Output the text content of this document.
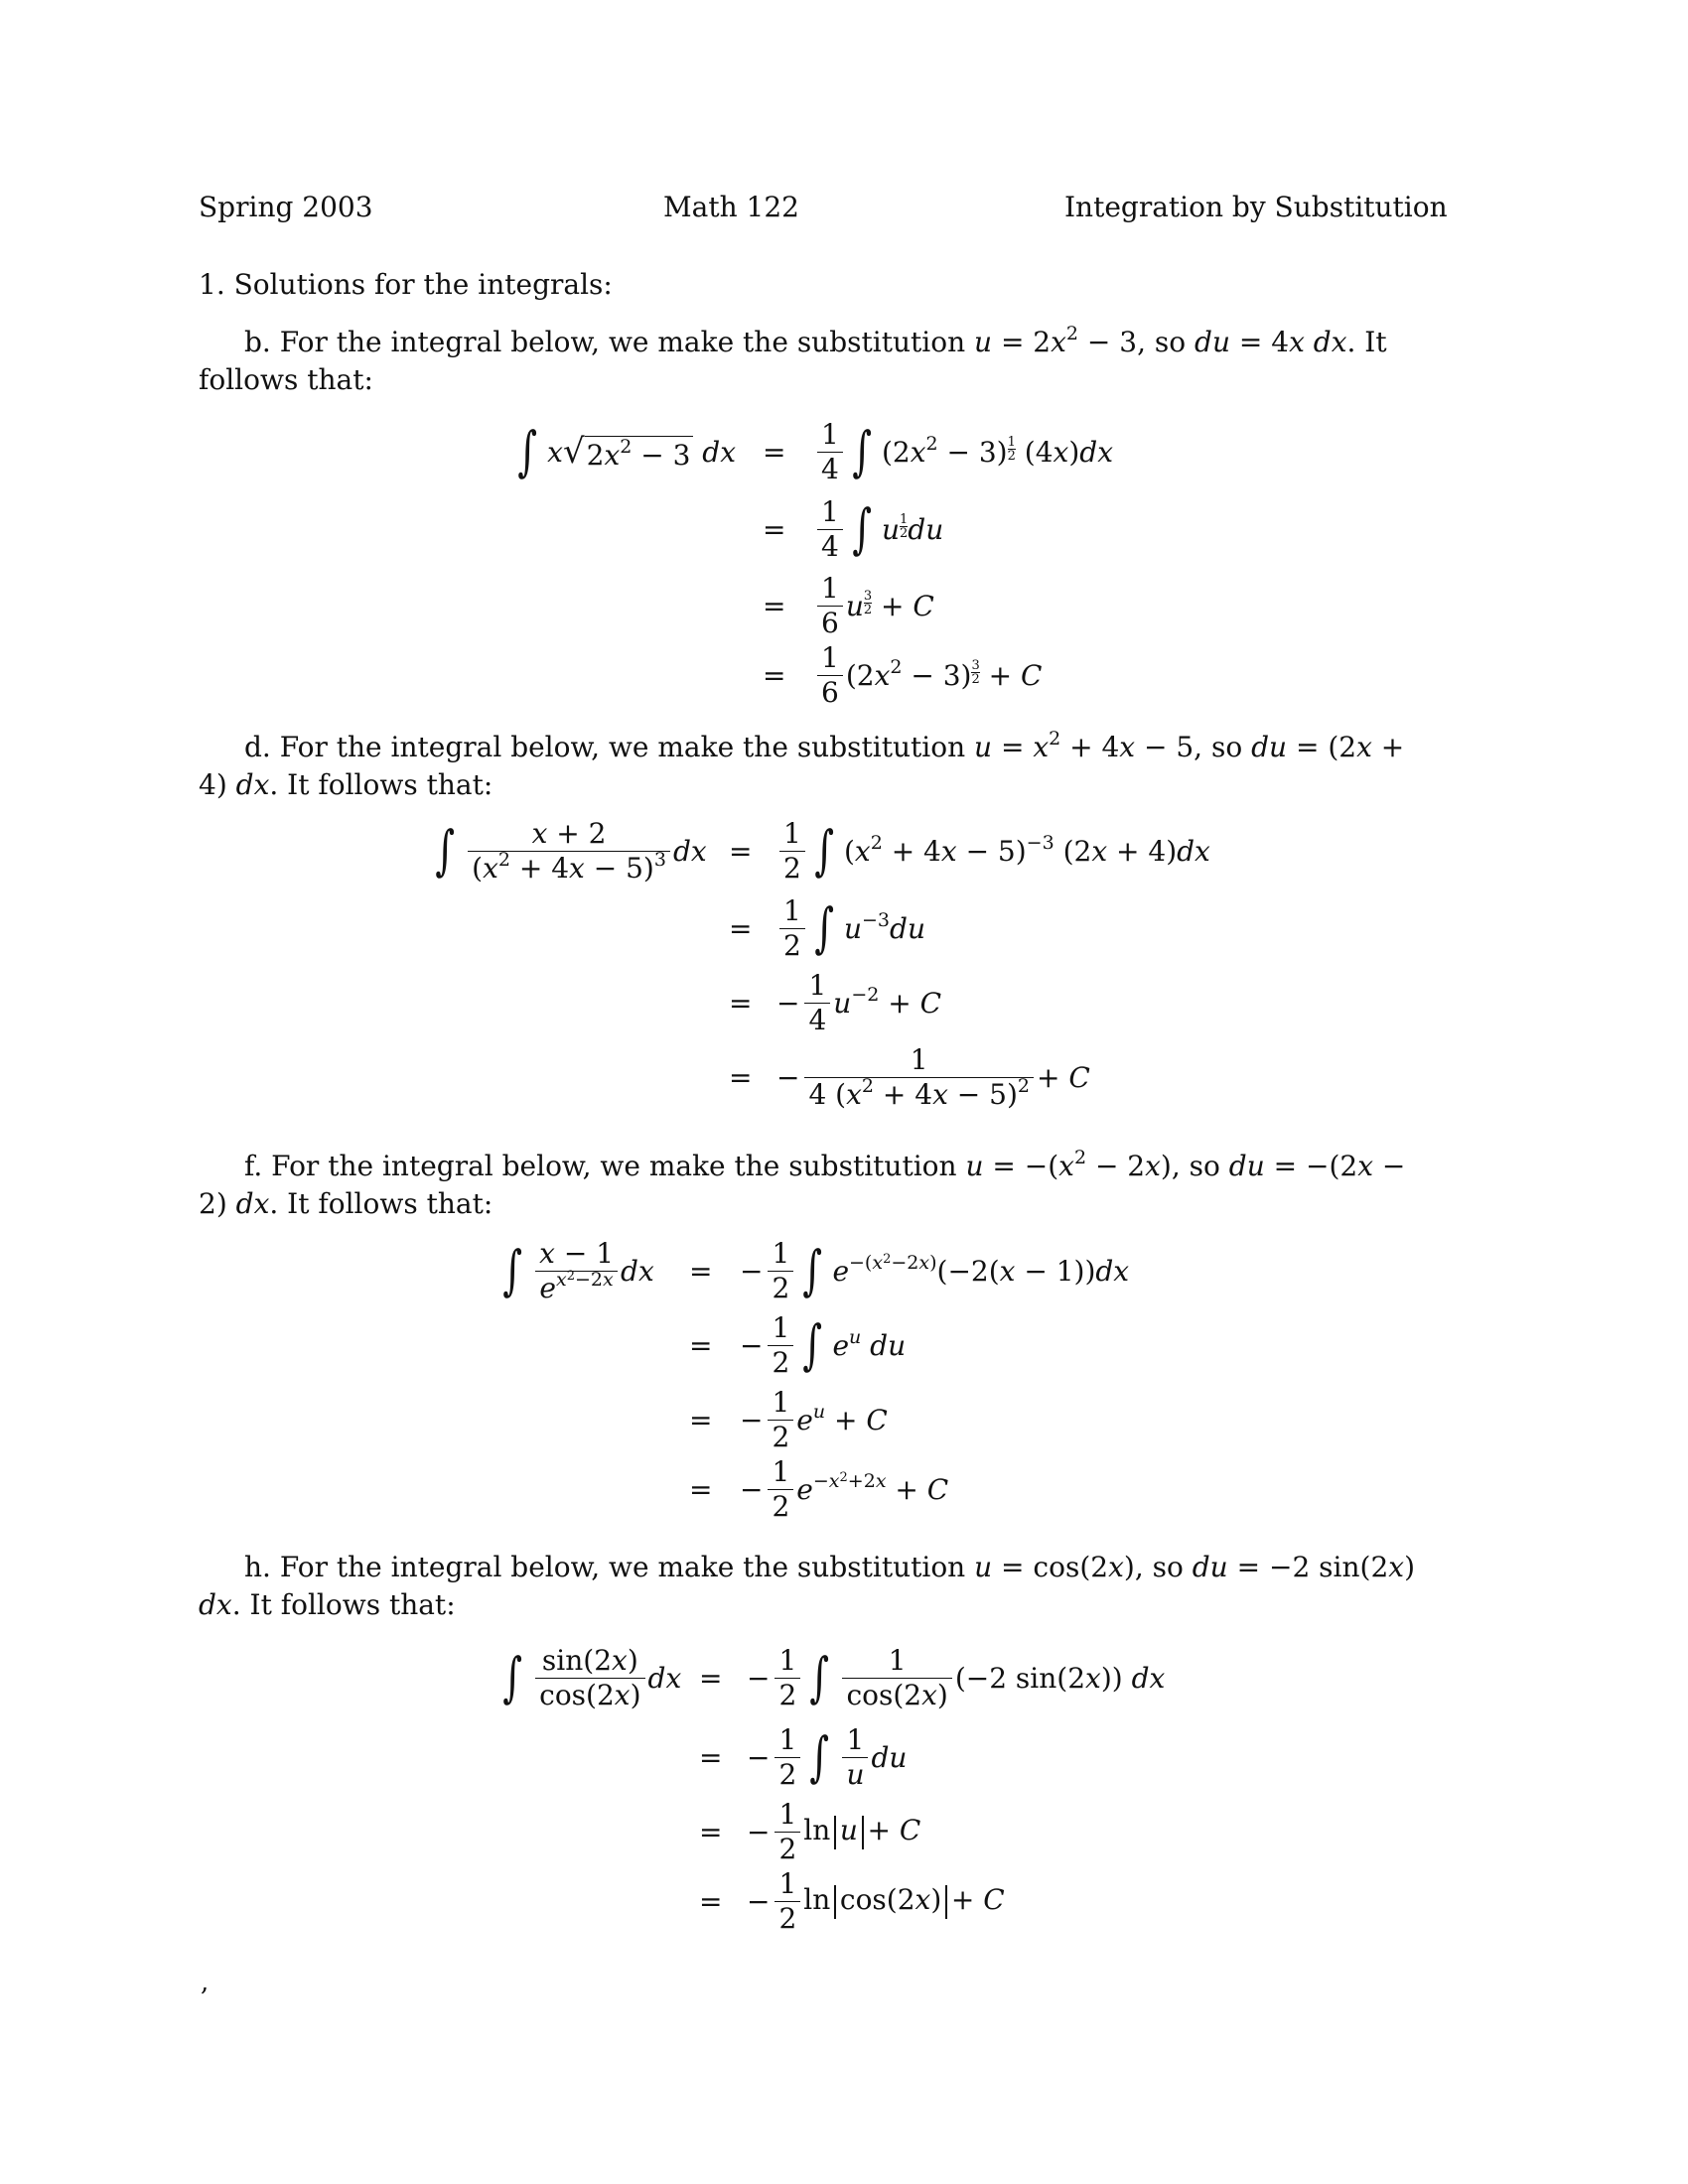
Spring 2003	Math 122	Integration by Substitution
1. Solutions for the integrals:
b. For the integral below, we make the substitution $u = 2x^2 - 3$, so du = 4x dx. It follows that:
∫ x √ $2x^2 - 3$ dx = $\frac{1}{4}$ ∫ $(2x^2 - 3)$ $^{\frac{1}{2}}$ (4x)dx
= $\frac{1}{4}$ ∫ u $^{\frac{1}{2}}$ du
= $\frac{1}{6}$ u $^{\frac{3}{2}}$ + C
= $\frac{1}{6} (2x^2 - 3) ^{\frac{3}{2}} + C$
d. For the integral below, we make the substitution $u = x^2 + 4x - 5$, so du = (2x + 4) dx. It follows that:
∫ $\frac{x + 2}{(x^2 + 4x - 5)^3}$ dx = $\frac{1}{2}$ ∫ $(x^2 + 4x - 5)^{-3}$ (2x + 4)dx
= $\frac{1}{2}$ ∫ $u^{-3}du$
= − $\frac{1}{4} u^{-2} + C$
= − $\frac{1}{4 (x^2 + 4x - 5)^2} + C$
f. For the integral below, we make the substitution $u = -(x^2 - 2x)$, so du = −(2x − 2) dx. It follows that:
∫ $\frac{x - 1}{e^{x^2-2x}}$ dx = − $\frac{1}{2}$ ∫ $e^{-(x^2-2x)}(-2(x - 1))dx$
= − $\frac{1}{2}$ ∫ $e^u$ du
= − $\frac{1}{2} e^u + C$
= − $\frac{1}{2} e^{-x^2+2x} + C$
h. For the integral below, we make the substitution u = cos(2x), so du = −2 sin(2x) dx. It follows that:
∫ $\frac{\sin(2x)}{\cos(2x)}$ dx = − $\frac{1}{2}$ ∫ $\frac{1}{\cos(2x)} (-2$ sin(2x)) dx
= − $\frac{1}{2}$ ∫ $\frac{1}{u}$ du
= − $\frac{1}{2}$ ln u + C
= − $\frac{1}{2}$ ln cos(2x) + C
,
